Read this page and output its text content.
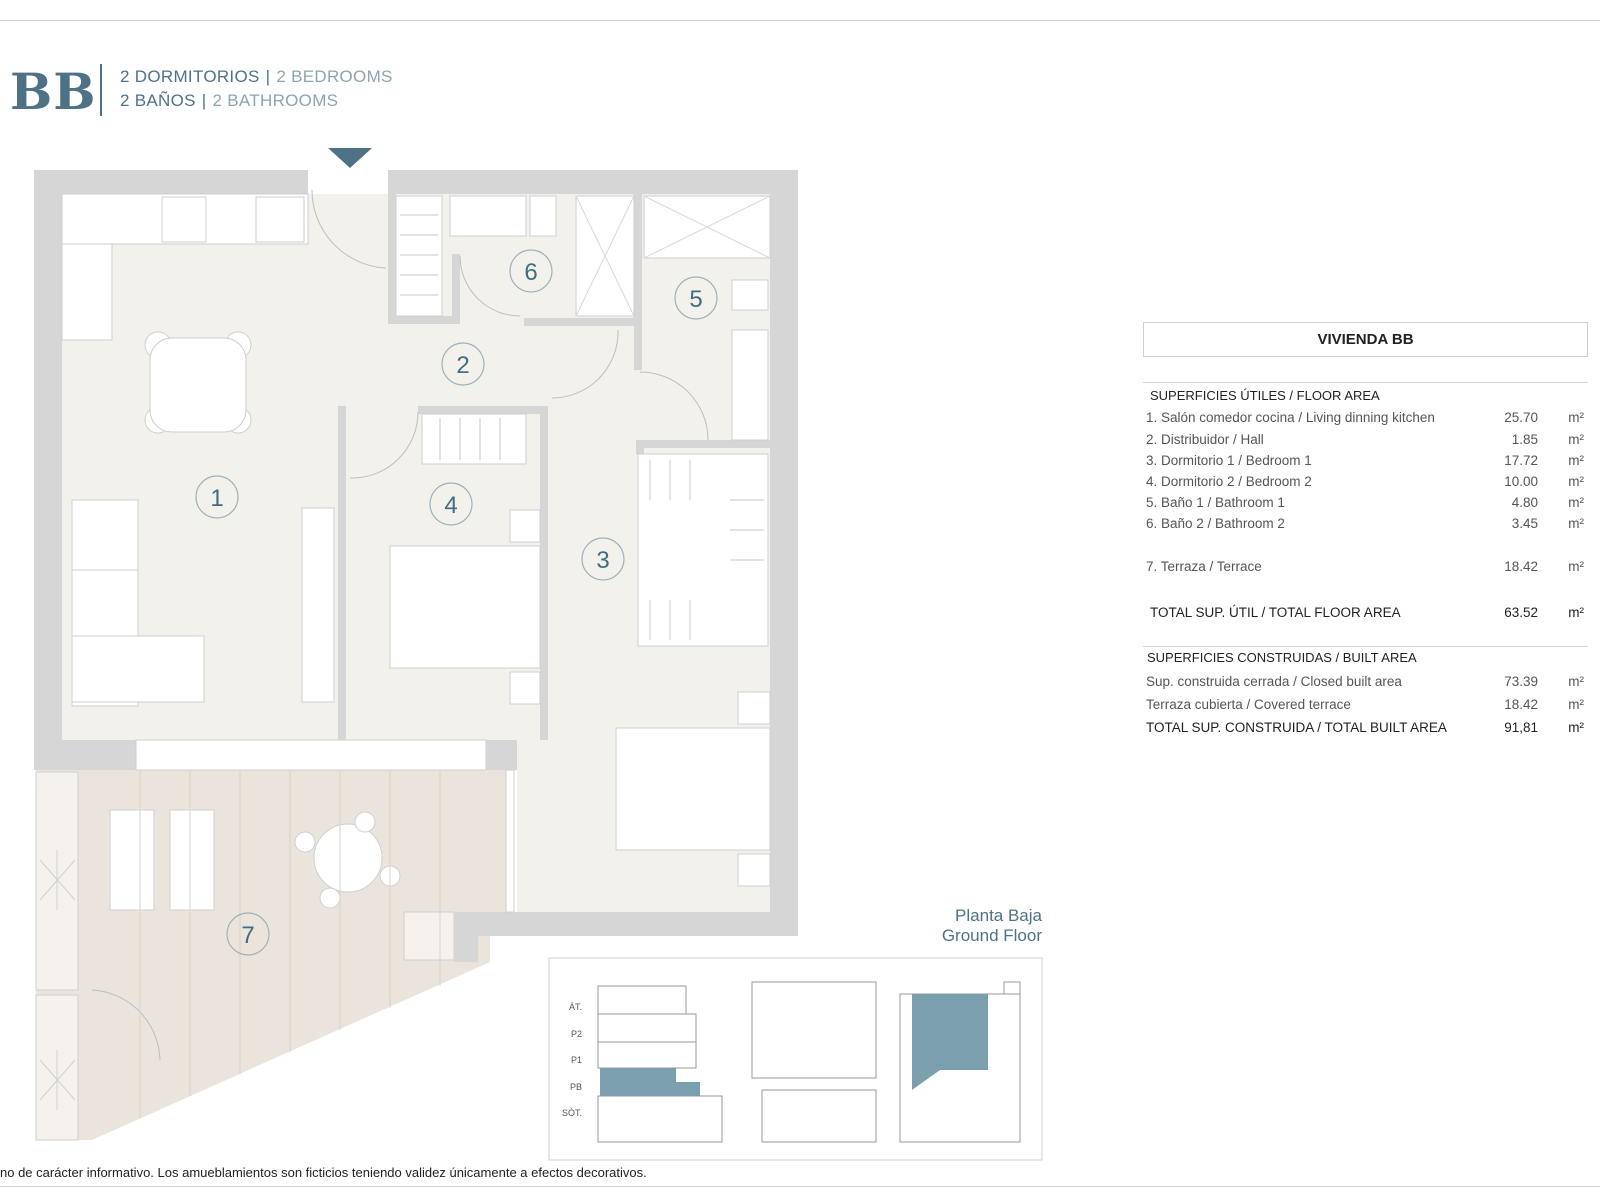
BB 2 DORMITORIOS | 2 BEDROOMS
2 BAÑOS | 2 BATHROOMS
1
2
3
4
5
6
7
ÁT.
P2
P1
PB
SÓT.
Planta Baja
Ground Floor
VIVIENDA BB
SUPERFICIES ÚTILES / FLOOR AREA
1. Salón comedor cocina / Living dinning kitchen	25.70 m²
2. Distribuidor / Hall	1.85 m²
3. Dormitorio 1 / Bedroom 1	17.72 m²
4. Dormitorio 2 / Bedroom 2	10.00 m²
5. Baño 1 / Bathroom 1	4.80 m²
6. Baño 2 / Bathroom 2	3.45 m²
7. Terraza / Terrace	18.42 m²
TOTAL SUP. ÚTIL / TOTAL FLOOR AREA	63.52 m²
SUPERFICIES CONSTRUIDAS / BUILT AREA
Sup. construida cerrada / Closed built area	73.39 m²
Terraza cubierta / Covered terrace	18.42 m²
TOTAL SUP. CONSTRUIDA / TOTAL BUILT AREA	91,81 m²
no de carácter informativo. Los amueblamientos son ficticios teniendo validez únicamente a efectos decorativos.
